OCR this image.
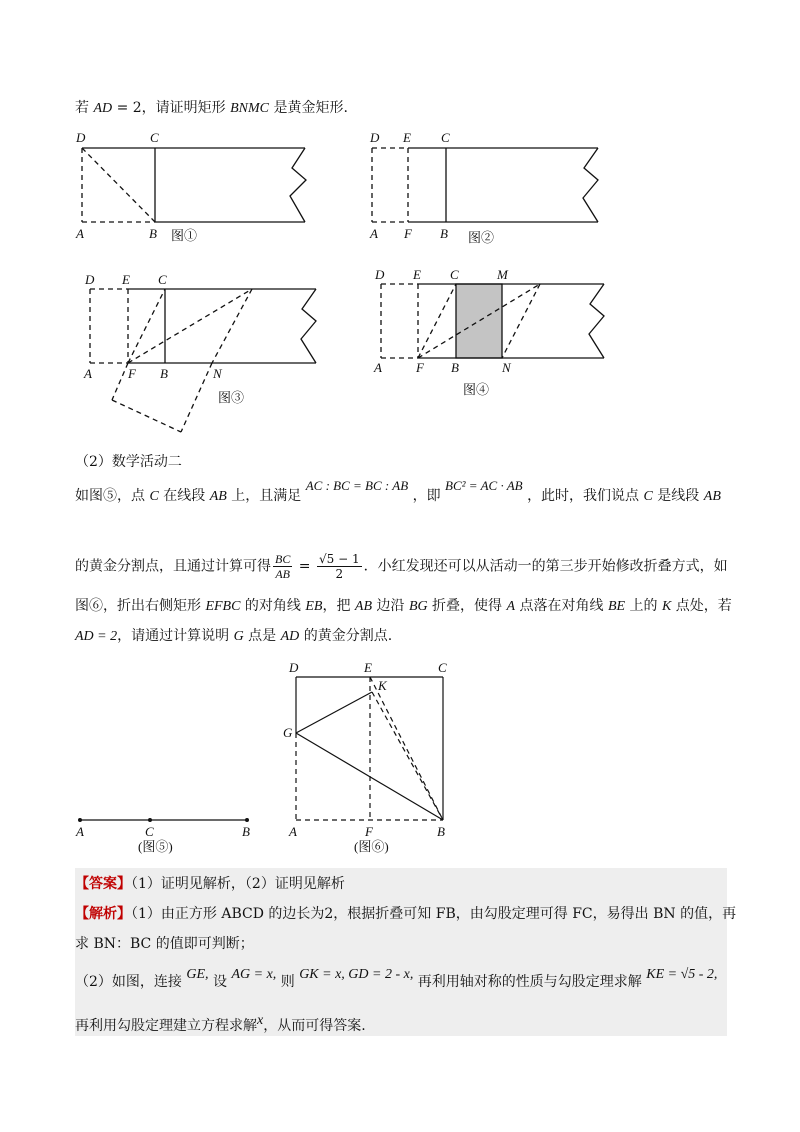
若 AD = 2，请证明矩形 BNMC 是黄金矩形.
D	C
A	B 图①
D E C
A F B 图②
D E C
A	F B	N
图③
D E C	M
A	F B	N
图④
（2）数学活动二
如图⑤，点 C 在线段 AB 上，且满足 AC : BC = BC : AB ，即 BC² = AC · AB ，此时，我们说点 C 是线段 AB
的黄金分割点，且通过计算可得 $\frac{BC}{AB} = \frac{√5 - 1}{2}$ ．小红发现还可以从活动一的第三步开始修改折叠方式，如
图⑥，折出右侧矩形 EFBC 的对角线 EB，把 AB 边沿 BG 折叠，使得 A 点落在对角线 BE 上的 K 点处，若
AD = 2，请通过计算说明 G 点是 AD 的黄金分割点.
A	C	B
(图⑤)
D	E	C
K
G
A	F	B
(图⑥)
【答案】（1）证明见解析，（2）证明见解析
【解析】（1）由正方形 ABCD 的边长为2，根据折叠可知 FB，由勾股定理可得 FC，易得出 BN 的值，再
求 BN：BC 的值即可判断；
（2）如图，连接 GE, 设 AG = x, 则 GK = x, GD = 2 - x, 再利用轴对称的性质与勾股定理求解 KE = √5 - 2,
再利用勾股定理建立方程求解x，从而可得答案.
